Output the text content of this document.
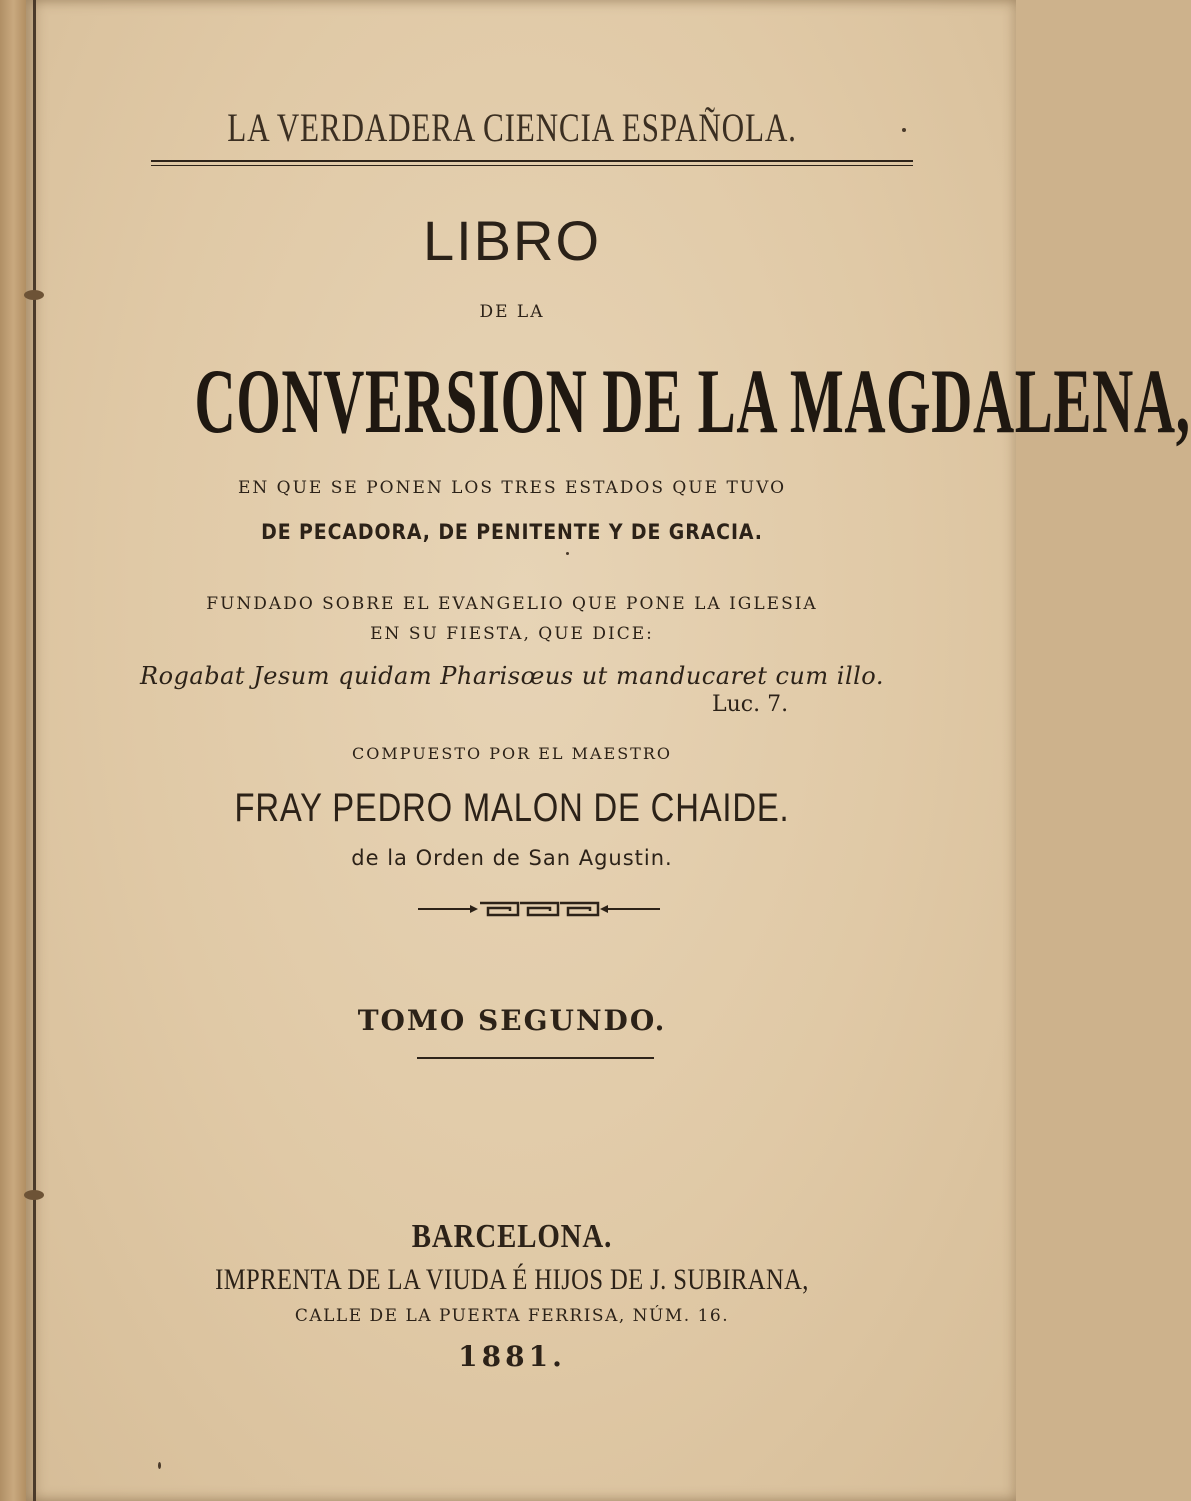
LA VERDADERA CIENCIA ESPAÑOLA.
LIBRO
DE LA
CONVERSION DE LA MAGDALENA,
EN QUE SE PONEN LOS TRES ESTADOS QUE TUVO
DE PECADORA, DE PENITENTE Y DE GRACIA.
FUNDADO SOBRE EL EVANGELIO QUE PONE LA IGLESIA
EN SU FIESTA, QUE DICE:
Rogabat Jesum quidam Pharisœus ut manducaret cum illo.
Luc. 7.
COMPUESTO POR EL MAESTRO
FRAY PEDRO MALON DE CHAIDE.
de la Orden de San Agustin.
TOMO SEGUNDO.
BARCELONA.
IMPRENTA DE LA VIUDA É HIJOS DE J. SUBIRANA,
CALLE DE LA PUERTA FERRISA, NÚM. 16.
1881.
